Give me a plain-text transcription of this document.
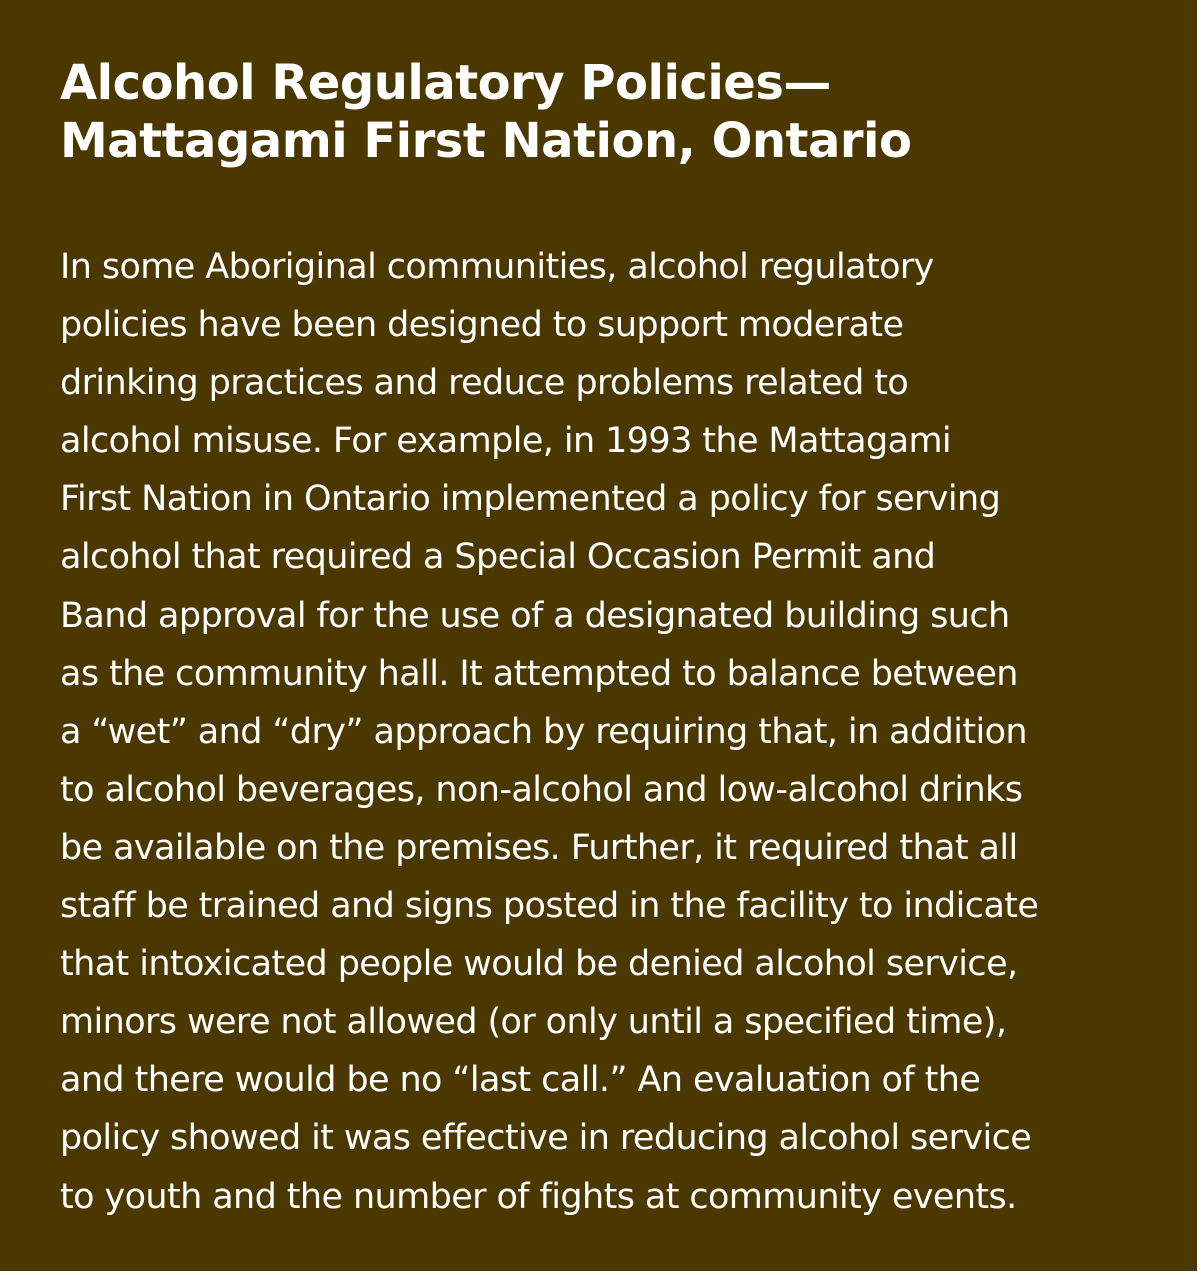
Alcohol Regulatory Policies—
Mattagami First Nation, Ontario

In some Aboriginal communities, alcohol regulatory
policies have been designed to support moderate
drinking practices and reduce problems related to
alcohol misuse. For example, in 1993 the Mattagami
First Nation in Ontario implemented a policy for serving
alcohol that required a Special Occasion Permit and
Band approval for the use of a designated building such
as the community hall. It attempted to balance between
a “wet” and “dry” approach by requiring that, in addition
to alcohol beverages, non-alcohol and low-alcohol drinks
be available on the premises. Further, it required that all
staff be trained and signs posted in the facility to indicate
that intoxicated people would be denied alcohol service,
minors were not allowed (or only until a specified time),
and there would be no “last call.” An evaluation of the
policy showed it was effective in reducing alcohol service
to youth and the number of fights at community events.
